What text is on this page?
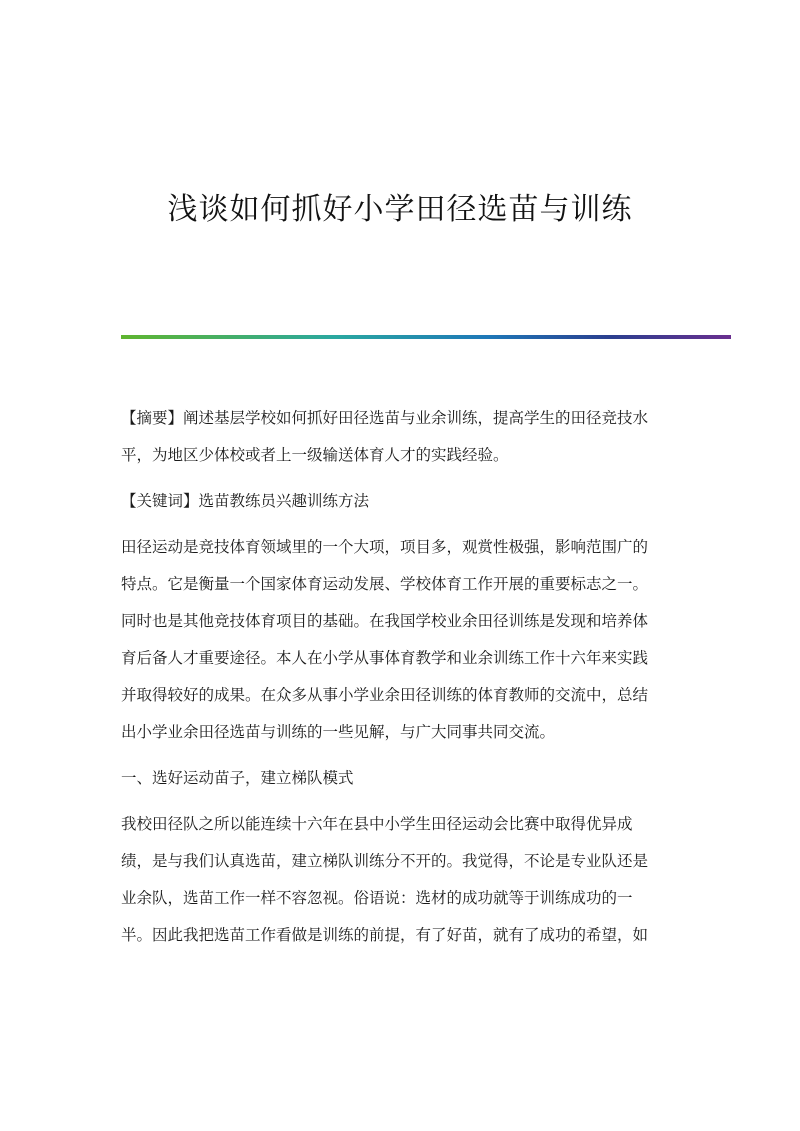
浅谈如何抓好小学田径选苗与训练

【摘要】阐述基层学校如何抓好田径选苗与业余训练，提高学生的田径竞技水
平，为地区少体校或者上一级输送体育人才的实践经验。

【关键词】选苗教练员兴趣训练方法

田径运动是竞技体育领域里的一个大项，项目多，观赏性极强，影响范围广的
特点。它是衡量一个国家体育运动发展、学校体育工作开展的重要标志之一。
同时也是其他竞技体育项目的基础。在我国学校业余田径训练是发现和培养体
育后备人才重要途径。本人在小学从事体育教学和业余训练工作十六年来实践
并取得较好的成果。在众多从事小学业余田径训练的体育教师的交流中，总结
出小学业余田径选苗与训练的一些见解，与广大同事共同交流。

一、选好运动苗子，建立梯队模式

我校田径队之所以能连续十六年在县中小学生田径运动会比赛中取得优异成
绩，是与我们认真选苗，建立梯队训练分不开的。我觉得，不论是专业队还是
业余队，选苗工作一样不容忽视。俗语说：选材的成功就等于训练成功的一
半。因此我把选苗工作看做是训练的前提，有了好苗，就有了成功的希望，如
